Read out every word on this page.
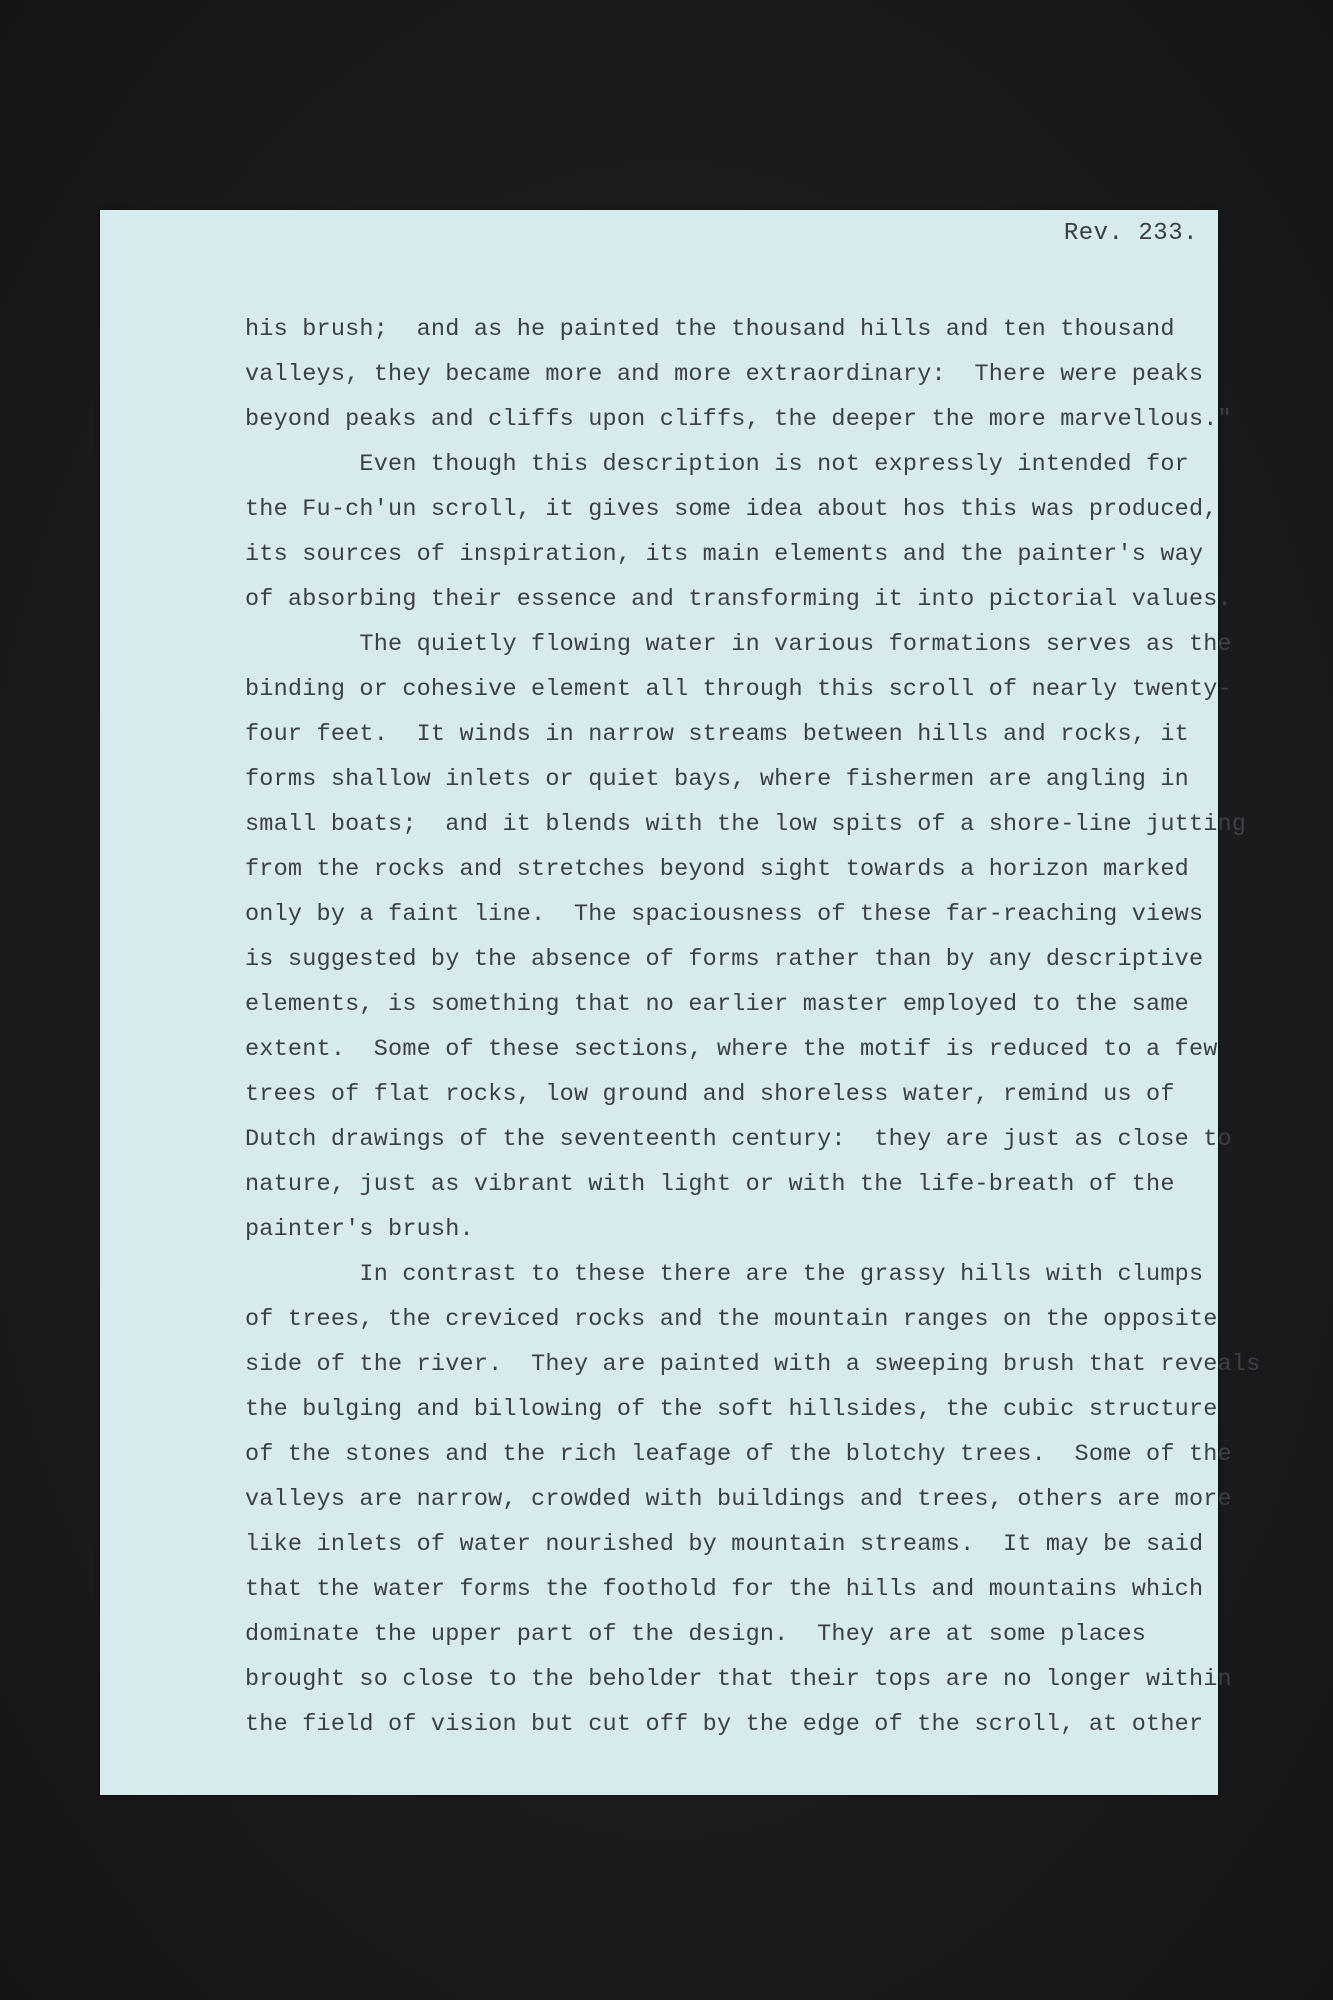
Rev. 233.
his brush;  and as he painted the thousand hills and ten thousand
valleys, they became more and more extraordinary:  There were peaks
beyond peaks and cliffs upon cliffs, the deeper the more marvellous."
Even though this description is not expressly intended for
the Fu-ch'un scroll, it gives some idea about hos this was produced,
its sources of inspiration, its main elements and the painter's way
of absorbing their essence and transforming it into pictorial values.
The quietly flowing water in various formations serves as the
binding or cohesive element all through this scroll of nearly twenty-
four feet.  It winds in narrow streams between hills and rocks, it
forms shallow inlets or quiet bays, where fishermen are angling in
small boats;  and it blends with the low spits of a shore-line jutting
from the rocks and stretches beyond sight towards a horizon marked
only by a faint line.  The spaciousness of these far-reaching views
is suggested by the absence of forms rather than by any descriptive
elements, is something that no earlier master employed to the same
extent.  Some of these sections, where the motif is reduced to a few
trees of flat rocks, low ground and shoreless water, remind us of
Dutch drawings of the seventeenth century:  they are just as close to
nature, just as vibrant with light or with the life-breath of the
painter's brush.
In contrast to these there are the grassy hills with clumps
of trees, the creviced rocks and the mountain ranges on the opposite
side of the river.  They are painted with a sweeping brush that reveals
the bulging and billowing of the soft hillsides, the cubic structure
of the stones and the rich leafage of the blotchy trees.  Some of the
valleys are narrow, crowded with buildings and trees, others are more
like inlets of water nourished by mountain streams.  It may be said
that the water forms the foothold for the hills and mountains which
dominate the upper part of the design.  They are at some places
brought so close to the beholder that their tops are no longer within
the field of vision but cut off by the edge of the scroll, at other
